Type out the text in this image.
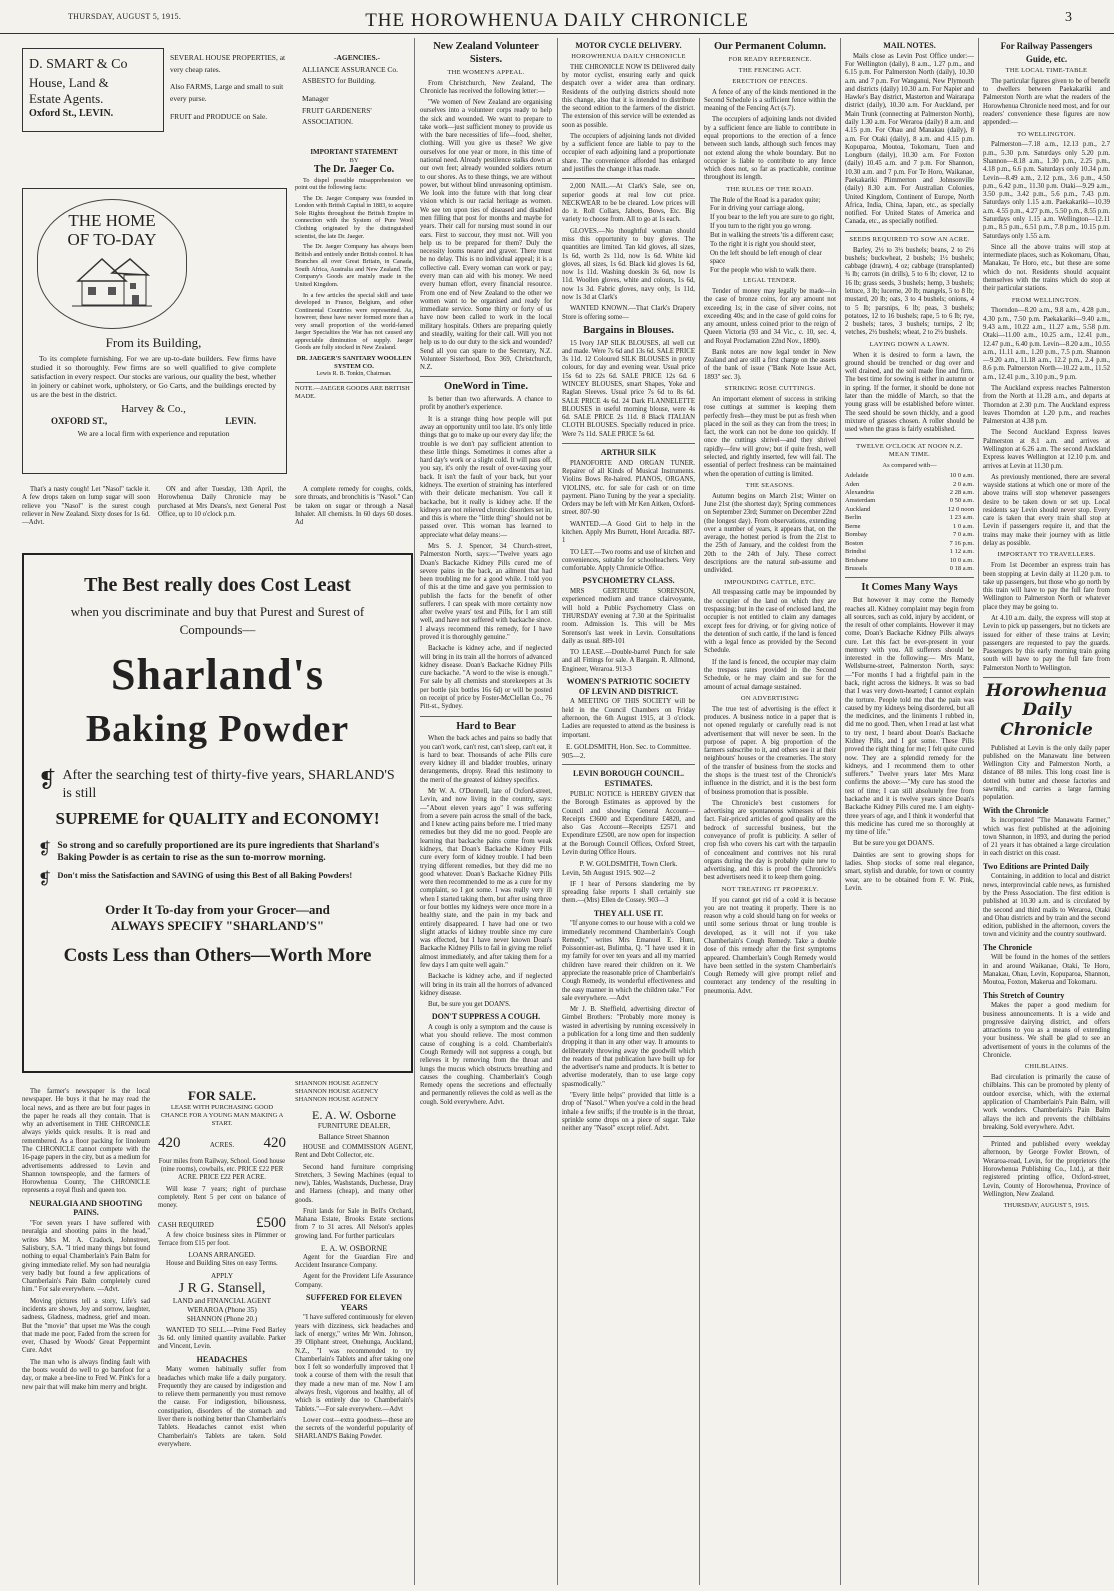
THURSDAY, AUGUST 5, 1915.	THE HOROWHENUA DAILY CHRONICLE	3
D. SMART & Co
House, Land &
Estate Agents.
Oxford St., LEVIN.
SEVERAL HOUSE PROPERTIES, at very cheap rates.
Also FARMS, Large and small to suit every purse.
FRUIT and PRODUCE on Sale.
-AGENCIES.-
ALLIANCE ASSURANCE Co.
ASBESTO for Building.
Manager
FRUIT GARDENERS' ASSOCIATION.
THE HOME
OF TO-DAY
From its Building,

To its complete furnishing. For we are up-to-date builders. Few firms have studied it so thoroughly. Few firms are so well qualified to give complete satisfaction in every respect. Our stocks are various, our quality the best, whether in joinery or cabinet work, upholstery, or Go Carts, and the buildings erected by us are the best in the district.

Harvey & Co.,
OXFORD ST.,	LEVIN.
We are a local firm with experience and reputation
IMPORTANT STATEMENT
BY
The Dr. Jaeger Co.

To dispel possible misapprehension we point out the following facts:

The Dr. Jaeger Company was founded in London with British Capital in 1883, to acquire Sole Rights throughout the British Empire in connection with the System of Pure Wool Clothing originated by the distinguished scientist, the late Dr. Jaeger.

The Dr. Jaeger Company has always been British and entirely under British control. It has Branches all over Great Britain, in Canada, South Africa, Australia and New Zealand. The Company's Goods are mainly made in the United Kingdom.

In a few articles the special skill and taste developed in France, Belgium, and other Continental Countries were represented. As, however, these have never formed more than a very small proportion of the world-famed Jaeger Specialties the War has not caused any appreciable diminution of supply. Jaeger Goods are fully stocked in New Zealand.

DR. JAEGER'S SANITARY WOOLLEN SYSTEM CO.
Lewis R. B. Tonkin, Chairman.
NOTE.—JAEGER GOODS ARE BRITISH MADE.

That's a nasty cough! Let "Nasol" tackle it. A few drops taken on lump sugar will soon relieve you "Nasol" is the surest cough reliever in New Zealand. Sixty doses for 1s 6d. —Advt.

ON and after Tuesday, 13th April, the Horowhenua Daily Chronicle may be purchased at Mrs Deans's, next General Post Office, up to 10 o'clock p.m.

A complete remedy for coughs, colds, sore throats, and bronchitis is "Nasol." Can be taken on sugar or through a Nasal Inhaler. All chemists. In 60 days 60 doses. Ad

The Best really does Cost Least
when you discriminate and buy that Purest and Surest of Compounds—
Sharland's
Baking Powder
❡ After the searching test of thirty-five years, SHARLAND'S is still
SUPREME for QUALITY and ECONOMY!
❡ So strong and so carefully proportioned are its pure ingredients that Sharland's Baking Powder is as certain to rise as the sun to-morrow morning.
❡ Don't miss the Satisfaction and SAVING of using this Best of all Baking Powders!
Order It To-day from your Grocer—and
ALWAYS SPECIFY "SHARLAND'S"
Costs Less than Others—Worth More

The farmer's newspaper is the local newspaper. He buys it that he may read the local news, and as there are but four pages in the paper he reads all they contain. That is why an advertisement in THE CHRONICLE always yields quick results. It is read and remembered. As a floor packing for linoleum The CHRONICLE cannot compete with the 16-page papers in the city, but as a medium for advertisements addressed to Levin and Shannon townspeople, and the farmers of Horowhenua County, The CHRONICLE represents a royal flush and queen too.

NEURALGIA AND SHOOTING PAINS.

"For seven years I have suffered with neuralgia and shooting pains in the head," writes Mrs M. A. Cradock, Johnstreet, Salisbury, S.A. "I tried many things but found nothing to equal Chamberlain's Pain Balm for giving immediate relief. My son had neuralgia very badly but found a few applications of Chamberlain's Pain Balm completely cured him." For sale everywhere. —Advt.

Moving pictures tell a story, Life's sad incidents are shown, Joy and sorrow, laughter, sadness, Gladness, madness, grief and moan. But the "movie" that upset me Was the cough that made me poor, Faded from the screen for ever, Chased by Woods' Great Peppermint Cure. Advt

The man who is always finding fault with the boots would do well to go barefoot for a day, or make a bee-line to Fred W. Pink's for a new pair that will make him merry and bright.

FOR SALE.
LEASE WITH PURCHASING GOOD CHANCE FOR A YOUNG MAN MAKING A START.
420	ACRES. 420

Four miles from Railway, School. Good house (nine rooms), cowbails, etc. PRICE £22 PER ACRE. PRICE £22 PER ACRE.

Will lease 7 years; right of purchase completely. Rent 5 per cent on balance of money.

CASH REQUIRED	£500

A few choice business sites in Plimmer or Terrace from £15 per foot.

LOANS ARRANGED.

House and Building Sites on easy Terms.

APPLY
J R G. Stansell,
LAND and FINANCIAL AGENT
WERAROA (Phone 35)
SHANNON (Phone 20.)

WANTED TO SELL.—Prime Feed Barley 3s 6d. only limited quantity available. Parker and Vincent, Levin.

HEADACHES

Many women habitually suffer from headaches which make life a daily purgatory. Frequently they are caused by indigestion and to relieve them permanently you must remove the cause. For indigestion, biliousness, constipation, disorders of the stomach and liver there is nothing better than Chamberlain's Tablets. Headaches cannot exist when Chamberlain's Tablets are taken. Sold everywhere.

SHANNON HOUSE AGENCY
SHANNON HOUSE AGENCY
SHANNON HOUSE AGENCY
E. A. W. Osborne
FURNITURE DEALER,
Ballance Street Shannon

HOUSE and COMMISSION AGENT, Rent and Debt Collector, etc.

Second hand furniture comprising Stretchers, 3 Sewing Machines (equal to new), Tables, Washstands, Duchesse, Dray and Harness (cheap), and many other goods.

Fruit lands for Sale in Bell's Orchard, Mahana Estate, Brooks Estate sections from 7 to 31 acres. All Nelson's apples growing land. For further particulars

E. A. W. OSBORNE

Agent for the Guardian Fire and Accident Insurance Company.

Agent for the Provident Life Assurance Company.

SUFFERED FOR ELEVEN YEARS

"I have suffered continuously for eleven years with dizziness, sick headaches and lack of energy," writes Mr Wm. Johnson, 39 Oliphant street, Onehunga, Auckland, N.Z., "I was recommended to try Chamberlain's Tablets and after taking one box I felt so wonderfully improved that I took a course of them with the result that they made a new man of me. Now I am always fresh, vigorous and healthy, all of which is entirely due to Chamberlain's Tablets."—For sale everywhere.—Advt

Lower cost—extra goodness—these are the secrets of the wonderful popularity of SHARLAND'S Baking Powder.

New Zealand Volunteer Sisters.
THE WOMEN'S APPEAL.

From Christchurch, New Zealand, The Chronicle has received the following letter:—

"We women of New Zealand are organising ourselves into a volunteer corps ready to help the sick and wounded. We want to prepare to take work—just sufficient money to provide us with the bare necessities of life—food, shelter, clothing. Will you give us these? We give ourselves for one year or more, in this time of national need. Already pestilence stalks down at our own feet; already wounded soldiers return to our shores. As to these things, we are without power, but without blind unreasoning optimism. We look into the future with that long clear vision which is our racial heritage as women. We see ten upon ties of diseased and disabled men filling that post for months and maybe for years. Their call for nursing must sound in our ears. First to succour, they must not. Will you help us to be prepared for them? Duly the necessity looms nearer and graver. There must be no delay. This is no individual appeal; it is a collective call. Every woman can work or pay; every man can aid with his money. We need every human effort, every financial resource. From one end of New Zealand to the other we women want to be organised and ready for immediate service. Some thirty or forty of us have now been called to work in the local military hospitals. Others are preparing quietly and steadily, waiting for their call. Will you not help us to do our duty to the sick and wounded? Send all you can spare to the Secretary, N.Z. Volunteer Sisterhood, Box 369, Christchurch, N.Z.

OneWord in Time.

Is better than two afterwards. A chance to profit by another's experience.

It is a strange thing how people will put away an opportunity until too late. It's only little things that go to make up our every day life; the trouble is we don't pay sufficient attention to these little things. Sometimes it comes after a hard day's work or a slight cold. It will pass off, you say, it's only the result of over-taxing your back. It isn't the fault of your back, but your kidneys. The exertion of straining has interfered with their delicate mechanism. You call it backache, but it really is kidney ache. If the kidneys are not relieved chronic disorders set in, and this is where the "little thing" should not be passed over. This woman has learned to appreciate what delay means:—

Mrs S. J. Spencer, 34 Church-street, Palmerston North, says:—"Twelve years ago Doan's Backache Kidney Pills cured me of severe pains in the back, an ailment that had been troubling me for a good while. I told you of this at the time and gave you permission to publish the facts for the benefit of other sufferers. I can speak with more certainty now after twelve years' test and Pills, for I am still well, and have not suffered with backache since. I always recommend this remedy, for I have proved it is thoroughly genuine."

Backache is kidney ache, and if neglected will bring in its train all the horrors of advanced kidney disease. Doan's Backache Kidney Pills cure backache. "A word to the wise is enough." For sale by all chemists and storekeepers at 3s per bottle (six bottles 16s 6d) or will be posted on receipt of price by Foster-McClellan Co., 76 Pitt-st., Sydney.

Hard to Bear

When the back aches and pains so badly that you can't work, can't rest, can't sleep, can't eat, it is hard to bear. Thousands of ache Pills cure every kidney ill and bladder troubles, urinary derangements, dropsy. Read this testimony to the merit of the greatest of kidney specifics.

Mr W. A. O'Donnell, late of Oxford-street, Levin, and now living in the country, says:—"About eleven years ago" I was suffering from a severe pain across the small of the back, and I knew acting pains before me. I tried many remedies but they did me no good. People are learning that backache pains come from weak kidneys, that Doan's Backache Kidney Pills cure every form of kidney trouble. I had been trying different remedies, but they did me no good whatever. Doan's Backache Kidney Pills were then recommended to me as a cure for my complaint, so I got some. I was really very ill when I started taking them, but after using three or four bottles my kidneys were once more in a healthy state, and the pain in my back and entirely disappeared. I have had one or two slight attacks of kidney trouble since my cure was effected, but I have never known Doan's Backache Kidney Pills to fail in giving me relief almost immediately, and after taking them for a few days I am quite well again."

Backache is kidney ache, and if neglected will bring in its train all the horrors of advanced kidney disease.

But, be sure you get DOAN'S.

DON'T SUPPRESS A COUGH.

A cough is only a symptom and the cause is what you should relieve. The most common cause of coughing is a cold. Chamberlain's Cough Remedy will not suppress a cough, but relieves it by removing from the throat and lungs the mucus which obstructs breathing and causes the coughing. Chamberlain's Cough Remedy opens the secretions and effectually and permanently relieves the cold as well as the cough. Sold everywhere. Advt.

MOTOR CYCLE DELIVERY.
HOROWHENUA DAILY CHRONICLE

THE CHRONICLE NOW IS DElivered daily by motor cyclist, ensuring early and quick despatch over a wider area than ordinary. Residents of the outlying districts should note this change, also that it is intended to distribute the second edition to the farmers of the district. The extension of this service will be extended as soon as possible.

The occupiers of adjoining lands not divided by a sufficient fence are liable to pay to the occupier of each adjoining land a proportionate share. The convenience afforded has enlarged and justifies the change it has made.

2,000 NAIL.—At Clark's Sale, see on, superior goods at real low cut price. NECKWEAR to be be cleared. Low prices will do it. Roll Collars, Jabots, Bows, Etc. Big variety to choose from. All to go at 1s each.

GLOVES.—No thoughtful woman should miss this opportunity to buy gloves. The quantities are limited. Tan kid gloves, all sizes, 1s 6d, worth 2s 11d, now 1s 6d. White kid gloves, all sizes, 1s 6d. Black kid gloves 1s 6d, now 1s 11d. Washing doeskin 3s 6d, now 1s 11d. Woollen gloves, white and colours, 1s 6d, now 1s 3d. Fabric gloves, navy only, 1s 11d, now 1s 3d at Clark's

WANTED KNOWN.—That Clark's Drapery Store is offering some—

Bargains in Blouses.

15 Ivory JAP SILK BLOUSES, all well cut and made. Were 7s 6d and 13s 6d. SALE PRICE 3s 11d. 12 Coloured SILK BLOUSES in pretty colours, for day and evening wear. Usual price 15s 6d to 22s 6d. SALE PRICE 12s 6d. 6 WINCEY BLOUSES, smart Shapes, Yoke and Raglan Sleeves. Usual price 7s 6d to 8s 6d. SALE PRICE 4s 6d. 24 Dark FLANNELETTE BLOUSES in useful morning blouse, were 4s 6d. SALE PRICE 2s 11d. 8 Black ITALIAN CLOTH BLOUSES. Specially reduced in price. Were 7s 11d. SALE PRICE 5s 6d.

ARTHUR SILK

PIANOFORTE AND ORGAN TUNER. Repairer of all Kinds of Musical Instruments. Violins Bows Re-haired. PIANOS, ORGANS, VIOLINS, etc. for sale for cash or on time payment. Piano Tuning by the year a speciality. Orders may be left with Mr Ken Aitken, Oxford-street. 807-90

WANTED.—A Good Girl to help in the kitchen. Apply Mrs Burrett, Hotel Arcadia. 887-1

TO LET.—Two rooms and use of kitchen and conveniences, suitable for schoolteachers. Very comfortable. Apply Chronicle Office.

PSYCHOMETRY CLASS.

MRS GERTRUDE SORENSON, experienced medium and trance clairvoyante, will hold a Public Psychometry Class on THURSDAY evening at 7.30 at the Spiritualist room. Admission 1s. This will be Mrs Sorenson's last week in Levin. Consultations daily as usual. 889-101

TO LEASE.—Double-barrel Punch for sale and all Fittings for sale. A Bargain. R. Allmond, Engineer, Weraroa. 913-3

WOMEN'S PATRIOTIC SOCIETY OF LEVIN AND DISTRICT.

A MEETING OF THIS SOCIETY will be held in the Council Chambers on Friday afternoon, the 6th August 1915, at 3 o'clock. Ladies are requested to attend as the business is important.

E. GOLDSMITH, Hon. Sec. to Committee.
905—2.
LEVIN BOROUGH COUNCIL. ESTIMATES.

PUBLIC NOTICE is HEREBY GIVEN that the Borough Estimates as approved by the Council and showing General Account—Receipts £3600 and Expenditure £4820, and also Gas Account—Receipts £2571 and Expenditure £2500, are now open for inspection at the Borough Council Offices, Oxford Street, Levin during Office Hours.

P. W. GOLDSMITH, Town Clerk.
Levin, 5th August 1915. 902—2

IF I hear of Persons slandering me by spreading false reports I shall certainly sue them.—(Mrs) Ellen de Cossey. 903—3

THEY ALL USE IT.

"If anyone comes to our house with a cold we immediately recommend Chamberlain's Cough Remedy," writes Mrs Emanuel E. Hunt, Poissonnier-ast, Bulimba, Q. "I have used it in my family for over ten years and all my married children have reared their children on it. We appreciate the reasonable price of Chamberlain's Cough Remedy, its wonderful effectiveness and the easy manner in which the children take." For sale everywhere. —Advt

Mr J. B. Sheffield, advertising director of Gimbel Brothers: "Probably more money is wasted in advertising by running excessively in a publication for a long time and then suddenly dropping it than in any other way. It amounts to deliberately throwing away the goodwill which the readers of that publication have built up for the advertiser's name and products. It is better to advertise moderately, than to use large copy spasmodically."

"Every little helps" provided that little is a drop of "Nasol." When you've a cold in the head inhale a few sniffs; if the trouble is in the throat, sprinkle some drops on a piece of sugar. Take neither any "Nasol" except relief. Advt.

Our Permanent Column.
FOR READY REFERENCE.
THE FENCING ACT.
ERECTION OF FENCES.

A fence of any of the kinds mentioned in the Second Schedule is a sufficient fence within the meaning of the Fencing Act (s.7).

The occupiers of adjoining lands not divided by a sufficient fence are liable to contribute in equal proportions to the erection of a fence between such lands, although such fences may not extend along the whole boundary. But no occupier is liable to contribute to any fence which does not, so far as practicable, continue throughout its length.

THE RULES OF THE ROAD.
The Rule of the Road is a paradox quite;
For in driving your carriage along,
If you bear to the left you are sure to go right,
If you turn to the right you go wrong.
But in walking the streets 'tis a different case;
To the right it is right you should steer,
On the left should be left enough of clear space
For the people who wish to walk there.
LEGAL TENDER.

Tender of money may legally be made—in the case of bronze coins, for any amount not exceeding 1s; in the case of silver coins, not exceeding 40s; and in the case of gold coins for any amount, unless coined prior to the reign of Queen Victoria (93 and 34 Vic., c. 10, sec. 4, and Royal Proclamation 22nd Nov., 1890).

Bank notes are now legal tender in New Zealand and are still a first charge on the assets of the bank of issue ("Bank Note Issue Act, 1893" sec. 3).

STRIKING ROSE CUTTINGS.

An important element of success in striking rose cuttings at summer is keeping them perfectly fresh—they must be put as fresh when placed in the soil as they can from the trees; in fact, the work can not be done too quickly. If once the cuttings shrivel—and they shrivel rapidly—few will grow; but if quite fresh, well selected, and rightly inserted, few will fail. The essential of perfect freshness can be maintained when the operation of cutting is limited.

THE SEASONS.

Autumn begins on March 21st; Winter on June 21st (the shortest day); Spring commences on September 23rd; Summer on December 22nd (the longest day). From observations, extending over a number of years, it appears that, on the average, the hottest period is from the 21st to the 25th of January, and the coldest from the 20th to the 24th of July. These correct descriptions are the natural sub-assume and undivided.

IMPOUNDING CATTLE, ETC.

All trespassing cattle may be impounded by the occupier of the land on which they are trespassing; but in the case of enclosed land, the occupier is not entitled to claim any damages except fees for driving, or for giving notice of the detention of such cattle, if the land is fenced with a legal fence as provided by the Second Schedule.

If the land is fenced, the occupier may claim the trespass rates provided in the Second Schedule, or he may claim and sue for the amount of actual damage sustained.

ON ADVERTISING

The true test of advertising is the effect it produces. A business notice in a paper that is not opened regularly or carefully read is not advertisement that will never be seen. In the purpose of paper. A big proportion of the farmers subscribe to it, and others see it at their neighbours' houses or the creameries. The story of the transfer of business from the stocks and the shops is the truest test of the Chronicle's influence in the district, and it is the best form of business promotion that is possible.

The Chronicle's best customers for advertising are spontaneous witnesses of this fact. Fair-priced articles of good quality are the bedrock of successful business, but the conveyance of profit is publicity. A seller of crop fish who covers his cart with the tarpaulin of concealment and contrives not his rural organs during the day is probably quite new to advertising, and this is proof the Chronicle's best advertisers need it to keep them going.

NOT TREATING IT PROPERLY.

If you cannot get rid of a cold it is because you are not treating it properly. There is no reason why a cold should hang on for weeks or until some serious throat or lung trouble is developed, as it will not if you take Chamberlain's Cough Remedy. Take a double dose of this remedy after the first symptoms appeared. Chamberlain's Cough Remedy would have been settled in the system Chamberlain's Cough Remedy will give prompt relief and counteract any tendency of the resulting in pneumonia. Advt.

MAIL NOTES.

Mails close as Levin Post Office under:— For Wellington (daily), 8 a.m., 1.27 p.m., and 6.15 p.m. For Palmerston North (daily), 10.30 a.m. and 7 p.m. For Wanganui, New Plymouth and districts (daily) 10.30 a.m. For Napier and Hawke's Bay district, Masterton and Wairarapa district (daily), 10.30 a.m. For Auckland, per Main Trunk (connecting at Palmerston North), daily 1.30 a.m. For Weraroa (daily) 8 a.m. and 4.15 p.m. For Ohau and Manakau (daily), 8 a.m. For Otaki (daily), 8 a.m. and 4.15 p.m. Kopuparoa, Moutoa, Tokomaru, Tuen and Longburn (daily), 10.30 a.m. For Foxton (daily) 10.45 a.m. and 7 p.m. For Shannon, 10.30 a.m. and 7 p.m. For Te Horo, Waikanae, Paekakariki Plimmerton and Johnsonville (daily) 8.30 a.m. For Australian Colonies, United Kingdom, Continent of Europe, North Africa, India, China, Japan, etc., as specially notified. For United States of America and Canada, etc., as specially notified.

SEEDS REQUIRED TO SOW AN ACRE.

Barley, 2½ to 3½ bushels; beans, 2 to 2½ bushels; buckwheat, 2 bushels; 1½ bushels; cabbage (drawn), 4 oz; cabbage (transplanted) ¾ lb; carrots (in drills), 5 to 6 lb; clover, 12 to 16 lb; grass seeds, 3 bushels; hemp, 3 bushels; lettuce, 3 lb; lucerne, 20 lb; mangels, 5 to 8 lb; mustard, 20 lb; oats, 3 to 4 bushels; onions, 4 to 5 lb; parsnips, 6 lb; peas, 3 bushels; potatoes, 12 to 16 bushels; rape, 5 to 6 lb; rye, 2 bushels; tares, 3 bushels; turnips, 2 lb; vetches, 2½ bushels; wheat, 2 to 2½ bushels.

LAYING DOWN A LAWN.

When it is desired to form a lawn, the ground should be trenched or dug over and well drained, and the soil made fine and firm. The best time for sowing is either in autumn or in spring. If the former, it should be done not later than the middle of March, so that the young grass will be established before winter. The seed should be sown thickly, and a good mixture of grasses chosen. A roller should be used when the grass is fairly established.

TWELVE O'CLOCK AT NOON N.Z. MEAN TIME.
As compared with—
Adelaide	10 0 a.m.
Aden	2 0 a.m.
Alexandria	2 28 a.m.
Amsterdam	0 50 a.m.
Auckland	12 0 noon
Berlin	1 23 a.m.
Berne	1 0 a.m.
Bombay	7 0 a.m.
Boston	7 16 p.m.
Brindisi	1 12 a.m.
Brisbane	10 0 a.m.
Brussels	0 18 a.m.
It Comes Many Ways

But however it may come the Remedy reaches all. Kidney complaint may begin from all sources, such as cold, injury by accident, or the result of other complaints. However it may come, Doan's Backache Kidney Pills always cure. Let this fact be ever-present in your memory with you. All sufferers should be interested in the following:— Mrs Manz, Wellsburne-street, Palmerston North, says:—"For months I had a frightful pain in the back, right across the kidneys. It was so bad that I was very down-hearted; I cannot explain the torture. People told me that the pain was caused by my kidneys being disordered, but all the medicines, and the liniments I rubbed in, did me no good. Then, when I read at last what to try next, I heard about Doan's Backache Kidney Pills, and I got some. These Pills proved the right thing for me; I felt quite cured now. They are a splendid remedy for the kidneys, and I recommend them to other sufferers." Twelve years later Mrs Manz confirms the above:—"My cure has stood the test of time; I can still absolutely free from backache and it is twelve years since Doan's Backache Kidney Pills cured me. I am eighty-three years of age, and I think it wonderful that this medicine has cured me so thoroughly at my time of life."

But be sure you get DOAN'S.

Dainties are sent to growing shops for ladies. Shop stocks of some real elegance, smart, stylish and durable, for town or country wear, are to be obtained from F. W. Pink, Levin.

For Railway Passengers
Guide, etc.
THE LOCAL TIME-TABLE

The particular figures given to be of benefit to dwellers between Paekakariki and Palmerston North are what the readers of the Horowhenua Chronicle need most, and for our readers' convenience these figures are now appended:—

TO WELLINGTON.

Palmerston—7.18 a.m., 12.13 p.m., 2.7 p.m., 5.30 p.m. Saturdays only 5.20 p.m. Shannon—8.18 a.m., 1.30 p.m., 2.25 p.m., 4.18 p.m., 6.6 p.m. Saturdays only 10.34 p.m. Levin—8.49 a.m., 2.12 p.m., 3.6 p.m., 4.50 p.m., 6.42 p.m., 11.30 p.m. Otaki—9.29 a.m., 3.50 p.m., 3.42 p.m., 5.6 p.m., 7.43 p.m. Saturdays only 1.15 a.m. Paekakariki—10.39 a.m. 4.55 p.m., 4.27 p.m., 5.50 p.m., 8.55 p.m. Saturdays only 1.15 a.m. Wellington—12.11 p.m., 8.5 p.m., 6.51 p.m., 7.8 p.m., 10.15 p.m. Saturdays only 1.55 a.m.

Since all the above trains will stop at intermediate places, such as Kokomaru, Ohau, Manakau, Te Horo, etc., but these are some which do not. Residents should acquaint themselves with the trains which do stop at their particular stations.

FROM WELLINGTON.

Thorndon—8.20 a.m., 9.8 a.m., 4.28 p.m., 4.30 p.m., 7.50 p.m. Paekakariki—9.40 a.m., 9.43 a.m., 10.22 a.m., 11.27 a.m., 5.58 p.m. Otaki—11.00 a.m., 10.25 a.m., 12.41 p.m., 12.47 p.m., 6.40 p.m. Levin—8.20 a.m., 10.55 a.m., 11.11 a.m., 1.20 p.m., 7.5 p.m. Shannon—9.20 a.m., 11.18 a.m., 12.2 p.m., 2.4 p.m., 8.6 p.m. Palmerston North—10.22 a.m., 11.52 a.m., 12.41 p.m., 3.10 p.m., 9 p.m.

The Auckland express reaches Palmerston from the North at 11.28 a.m., and departs at Thorndon at 2.30 p.m. The Auckland express leaves Thorndon at 1.20 p.m., and reaches Palmerston at 4.38 p.m.

The Second Auckland Express leaves Palmerston at 8.1 a.m. and arrives at Wellington at 6.26 a.m. The second Auckland Express leaves Wellington at 12.10 p.m. and arrives at Levin at 11.30 p.m.

As previously mentioned, there are several wayside stations at which one or more of the above trains will stop whenever passengers desire to be taken down or set up. Local residents say Levin should never stop. Every care is taken that every train shall stop at Levin if passengers require it, and that the trains may make their journey with as little delay as possible.

IMPORTANT TO TRAVELLERS.

From 1st December an express train has been stopping at Levin daily at 11.20 p.m. to take up passengers, but those who go north by this train will have to pay the full fare from Wellington to Palmerston North or whatever place they may be going to.

At 4.10 a.m. daily, the express will stop at Levin to pick up passengers, but no tickets are issued for either of these trains at Levin; passengers are requested to pay the guards. Passengers by this early morning train going south will have to pay the full fare from Palmerston North to Wellington.

Horowhenua
Daily
Chronicle

Published at Levin is the only daily paper published on the Manawatu line between Wellington City and Palmerston North, a distance of 88 miles. This long coast line is dotted with butter and cheese factories and sawmills, and carries a large farming population.

With the Chronicle

Is incorporated "The Manawatu Farmer," which was first published at the adjoining town Shannon, in 1893, and during the period of 21 years it has obtained a large circulation in each district on this coast.

Two Editions are Printed Daily

Containing, in addition to local and district news, interprovincial cable news, as furnished by the Press Association. The first edition is published at 10.30 a.m. and is circulated by the second and third mails to Weraroa, Otaki and Ohau districts and by train and the second edition, published in the afternoon, covers the town and vicinity and the country southward.

The Chronicle

Will be found in the homes of the settlers in and around Waikanae, Otaki, Te Horo, Manakau, Ohau, Levin, Kopuparoa, Shannon, Moutoa, Foxton, Makerua and Tokomaru.

This Stretch of Country

Makes the paper a good medium for business announcements. It is a wide and progressive dairying district, and offers attractions to you as a means of extending your business. We shall be glad to see an advertisement of yours in the columns of the Chronicle.

CHILBLAINS.

Bad circulation is primarily the cause of chilblains. This can be promoted by plenty of outdoor exercise, which, with the external application of Chamberlain's Pain Balm, will work wonders. Chamberlain's Pain Balm allays the itch and prevents the chilblains breaking. Sold everywhere. Advt.

Printed and published every weekday afternoon, by George Fowler Brown, of Weraroa-road, Levin, for the proprietors (the Horowhenua Publishing Co., Ltd.), at their registered printing office, Oxford-street, Levin, County of Horowhenua, Province of Wellington, New Zealand.

THURSDAY, AUGUST 5, 1915.
